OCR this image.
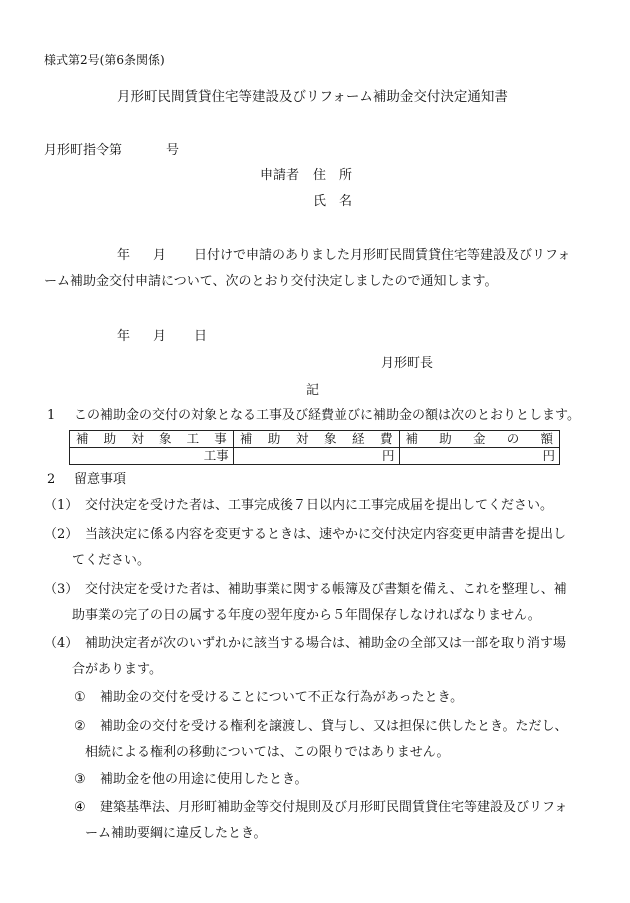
様式第2号(第6条関係)
月形町民間賃貸住宅等建設及びリフォーム補助金交付決定通知書
月形町指令第	号
申請者 住　所
氏　名
年 月 日付けで申請のありました月形町民間賃貸住宅等建設及びリフォ
ーム補助金交付申請について、次のとおり交付決定しましたので通知します。
年 月 日
月形町長
記
1 この補助金の交付の対象となる工事及び経費並びに補助金の額は次のとおりとします。
補助対象工事	補助対象経費	補助金の額
工事	円	円
2 留意事項
（1） 交付決定を受けた者は、工事完成後７日以内に工事完成届を提出してください。
（2） 当該決定に係る内容を変更するときは、速やかに交付決定内容変更申請書を提出し
てください。
（3） 交付決定を受けた者は、補助事業に関する帳簿及び書類を備え、これを整理し、補
助事業の完了の日の属する年度の翌年度から５年間保存しなければなりません。
（4） 補助決定者が次のいずれかに該当する場合は、補助金の全部又は一部を取り消す場
合があります。
① 補助金の交付を受けることについて不正な行為があったとき。
② 補助金の交付を受ける権利を譲渡し、貸与し、又は担保に供したとき。ただし、
相続による権利の移動については、この限りではありません。
③ 補助金を他の用途に使用したとき。
④ 建築基準法、月形町補助金等交付規則及び月形町民間賃貸住宅等建設及びリフォ
ーム補助要綱に違反したとき。
